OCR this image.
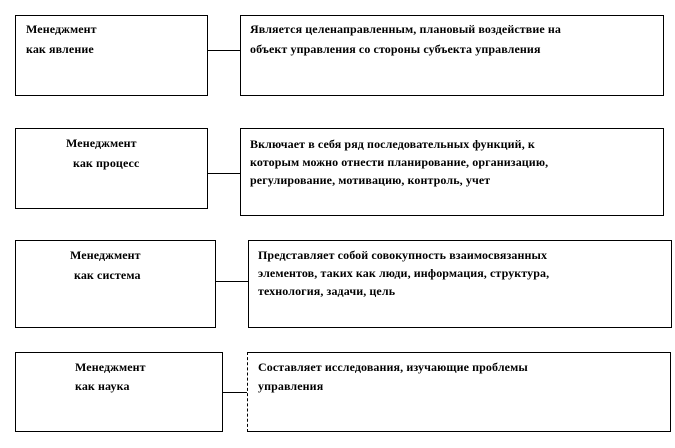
Менеджмент
как явление
Является целенаправленным, плановый воздействие на
объект управления со стороны субъекта управления
Менеджмент
как процесс
Включает в себя ряд последовательных функций, к
которым можно отнести планирование, организацию,
регулирование, мотивацию, контроль, учет
Менеджмент
как система
Представляет собой совокупность взаимосвязанных
элементов, таких как люди, информация, структура,
технология, задачи, цель
Менеджмент
как наука
Составляет исследования, изучающие проблемы
управления
